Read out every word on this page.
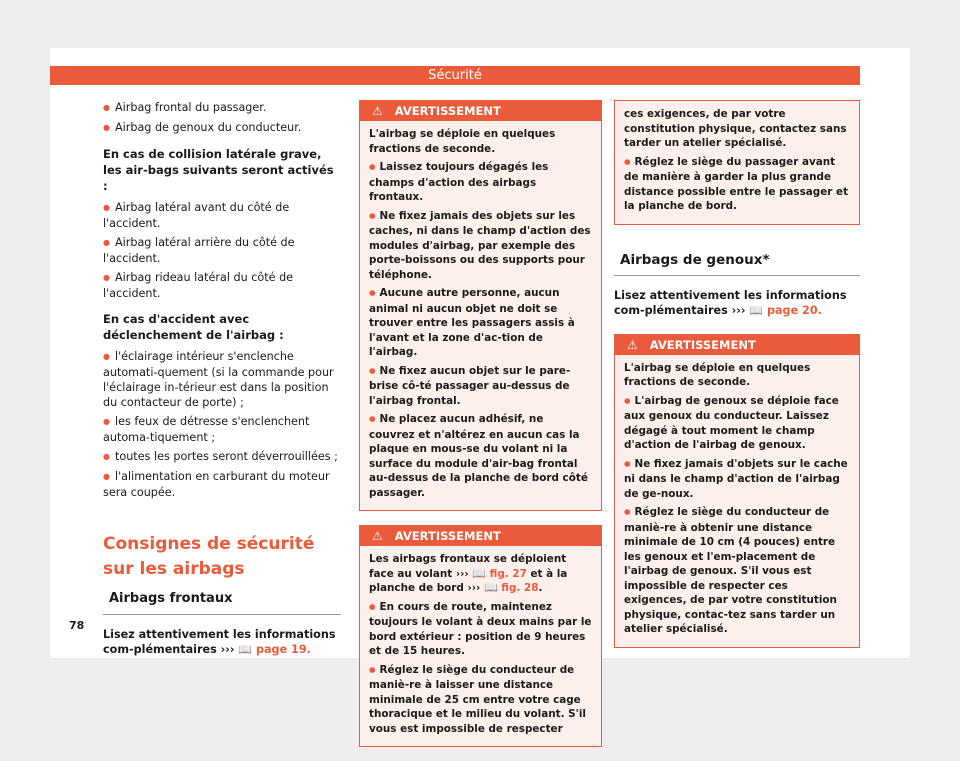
Sécurité

● Airbag frontal du passager.

● Airbag de genoux du conducteur.

En cas de collision latérale grave, les air-bags suivants seront activés :

● Airbag latéral avant du côté de l'accident.

● Airbag latéral arrière du côté de l'accident.

● Airbag rideau latéral du côté de l'accident.

En cas d'accident avec déclenchement de l'airbag :

● l'éclairage intérieur s'enclenche automati-quement (si la commande pour l'éclairage in-térieur est dans la position du contacteur de porte) ;

● les feux de détresse s'enclenchent automa-tiquement ;

● toutes les portes seront déverrouillées ;

● l'alimentation en carburant du moteur sera coupée.

Consignes de sécurité sur les airbags
Airbags frontaux

Lisez attentivement les informations com-plémentaires ››› 📖 page 19.

⚠ AVERTISSEMENT

L'airbag se déploie en quelques fractions de seconde.

● Laissez toujours dégagés les champs d'action des airbags frontaux.

● Ne fixez jamais des objets sur les caches, ni dans le champ d'action des modules d'airbag, par exemple des porte-boissons ou des supports pour téléphone.

● Aucune autre personne, aucun animal ni aucun objet ne doit se trouver entre les passagers assis à l'avant et la zone d'ac-tion de l'airbag.

● Ne fixez aucun objet sur le pare-brise cô-té passager au-dessus de l'airbag frontal.

● Ne placez aucun adhésif, ne couvrez et n'altérez en aucun cas la plaque en mous-se du volant ni la surface du module d'air-bag frontal au-dessus de la planche de bord côté passager.

⚠ AVERTISSEMENT

Les airbags frontaux se déploient face au volant ››› 📖 fig. 27 et à la planche de bord ››› 📖 fig. 28.

● En cours de route, maintenez toujours le volant à deux mains par le bord extérieur : position de 9 heures et de 15 heures.

● Réglez le siège du conducteur de maniè-re à laisser une distance minimale de 25 cm entre votre cage thoracique et le milieu du volant. S'il vous est impossible de respecter

ces exigences, de par votre constitution physique, contactez sans tarder un atelier spécialisé.

● Réglez le siège du passager avant de manière à garder la plus grande distance possible entre le passager et la planche de bord.

Airbags de genoux*

Lisez attentivement les informations com-plémentaires ››› 📖 page 20.

⚠ AVERTISSEMENT

L'airbag se déploie en quelques fractions de seconde.

● L'airbag de genoux se déploie face aux genoux du conducteur. Laissez dégagé à tout moment le champ d'action de l'airbag de genoux.

● Ne fixez jamais d'objets sur le cache ni dans le champ d'action de l'airbag de ge-noux.

● Réglez le siège du conducteur de maniè-re à obtenir une distance minimale de 10 cm (4 pouces) entre les genoux et l'em-placement de l'airbag de genoux. S'il vous est impossible de respecter ces exigences, de par votre constitution physique, contac-tez sans tarder un atelier spécialisé.

78
